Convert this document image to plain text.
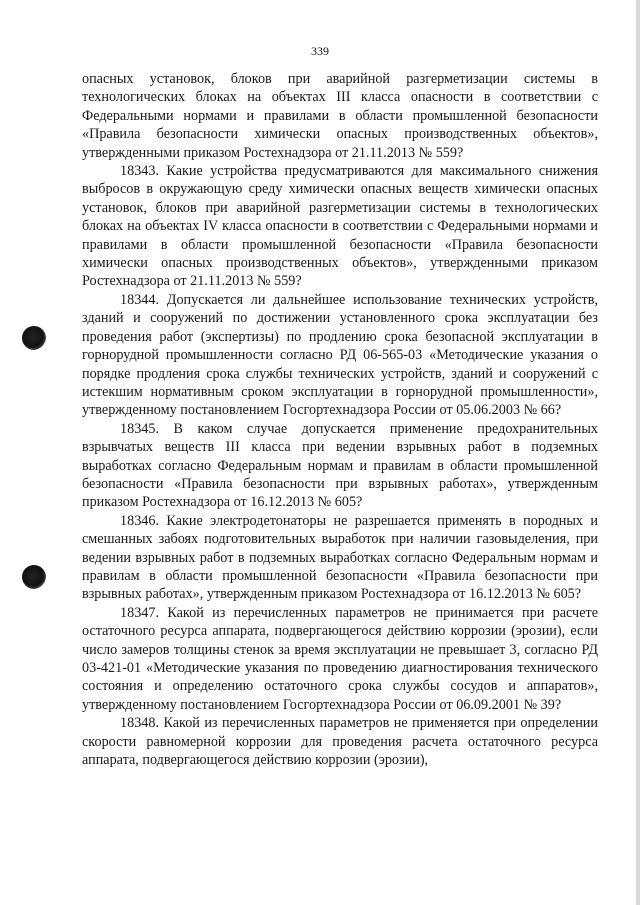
339

опасных установок, блоков при аварийной разгерметизации системы в технологических блоках на объектах III класса опасности в соответствии с Федеральными нормами и правилами в области промышленной безопасности «Правила безопасности химически опасных производственных объектов», утвержденными приказом Ростехнадзора от 21.11.2013 № 559?

18343. Какие устройства предусматриваются для максимального снижения выбросов в окружающую среду химически опасных веществ химически опасных установок, блоков при аварийной разгерметизации системы в технологических блоках на объектах IV класса опасности в соответствии с Федеральными нормами и правилами в области промышленной безопасности «Правила безопасности химически опасных производственных объектов», утвержденными приказом Ростехнадзора от 21.11.2013 № 559?

18344. Допускается ли дальнейшее использование технических устройств, зданий и сооружений по достижении установленного срока эксплуатации без проведения работ (экспертизы) по продлению срока безопасной эксплуатации в горнорудной промышленности согласно РД 06-565-03 «Методические указания о порядке продления срока службы технических устройств, зданий и сооружений с истекшим нормативным сроком эксплуатации в горнорудной промышленности», утвержденному постановлением Госгортехнадзора России от 05.06.2003 № 66?

18345. В каком случае допускается применение предохранительных взрывчатых веществ III класса при ведении взрывных работ в подземных выработках согласно Федеральным нормам и правилам в области промышленной безопасности «Правила безопасности при взрывных работах», утвержденным приказом Ростехнадзора от 16.12.2013 № 605?

18346. Какие электродетонаторы не разрешается применять в породных и смешанных забоях подготовительных выработок при наличии газовыделения, при ведении взрывных работ в подземных выработках согласно Федеральным нормам и правилам в области промышленной безопасности «Правила безопасности при взрывных работах», утвержденным приказом Ростехнадзора от 16.12.2013 № 605?

18347. Какой из перечисленных параметров не принимается при расчете остаточного ресурса аппарата, подвергающегося действию коррозии (эрозии), если число замеров толщины стенок за время эксплуатации не превышает 3, согласно РД 03-421-01 «Методические указания по проведению диагностирования технического состояния и определению остаточного срока службы сосудов и аппаратов», утвержденному постановлением Госгортехнадзора России от 06.09.2001 № 39?

18348. Какой из перечисленных параметров не применяется при определении скорости равномерной коррозии для проведения расчета остаточного ресурса аппарата, подвергающегося действию коррозии (эрозии),
